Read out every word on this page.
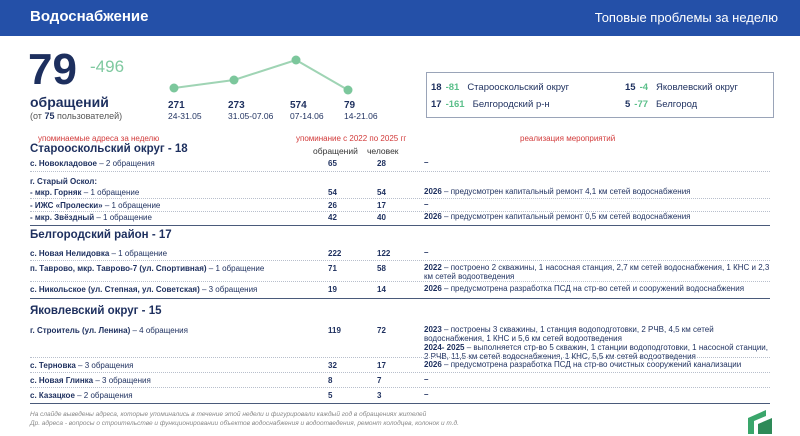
Водоснабжение	Топовые проблемы за неделю
79 -496
обращений
(от 75 пользователей)
271
24-31.05
273
31.05-07.06
574
07-14.06
79
14-21.06
18 -81 Старооскольский округ	15 -4 Яковлевский округ
17 -161 Белгородский р-н	5 -77 Белгород
упоминаемые адреса за неделю	упоминание с 2022 по 2025 гг	реализация мероприятий
обращений человек
Старооскольский округ - 18
с. Новокладовое – 2 обращения	65	28	–
г. Старый Оскол:
- мкр. Горняк – 1 обращение	54	54	2026 – предусмотрен капитальный ремонт 4,1 км сетей водоснабжения
- ИЖС «Пролески» – 1 обращение	26	17	–
- мкр. Звёздный – 1 обращение	42	40	2026 – предусмотрен капитальный ремонт 0,5 км сетей водоснабжения
Белгородский район - 17
с. Новая Нелидовка – 1 обращение	222	122	–
п. Таврово, мкр. Таврово-7 (ул. Спортивная) – 1 обращение	71	58	2022 – построено 2 скважины, 1 насосная станция, 2,7 км сетей водоснабжения, 1 КНС и 2,3 км сетей водоотведения
с. Никольское (ул. Степная, ул. Советская) – 3 обращения	19	14	2026 – предусмотрена разработка ПСД на стр-во сетей и сооружений водоснабжения
Яковлевский округ - 15
г. Строитель (ул. Ленина) – 4 обращения	119	72	2023 – построены 3 скважины, 1 станция водоподготовки, 2 РЧВ, 4,5 км сетей водоснабжения, 1 КНС и 5,6 км сетей водоотведения
2024- 2025 – выполняется стр-во 5 скважин, 1 станции водоподготовки, 1 насосной станции, 2 РЧВ, 11,5 км сетей водоснабжения, 1 КНС, 5,5 км сетей водоотведения
с. Терновка – 3 обращения	32	17	2026 – предусмотрена разработка ПСД на стр-во очистных сооружений канализации
с. Новая Глинка – 3 обращения	8	7	–
с. Казацкое – 2 обращения	5	3	–
На слайде выведены адреса, которые упоминались в течение этой недели и фигурировали каждый год в обращениях жителей
Др. адреса - вопросы о строительстве и функционировании объектов водоснабжения и водоотведения, ремонт колодцев, колонок и т.д.
